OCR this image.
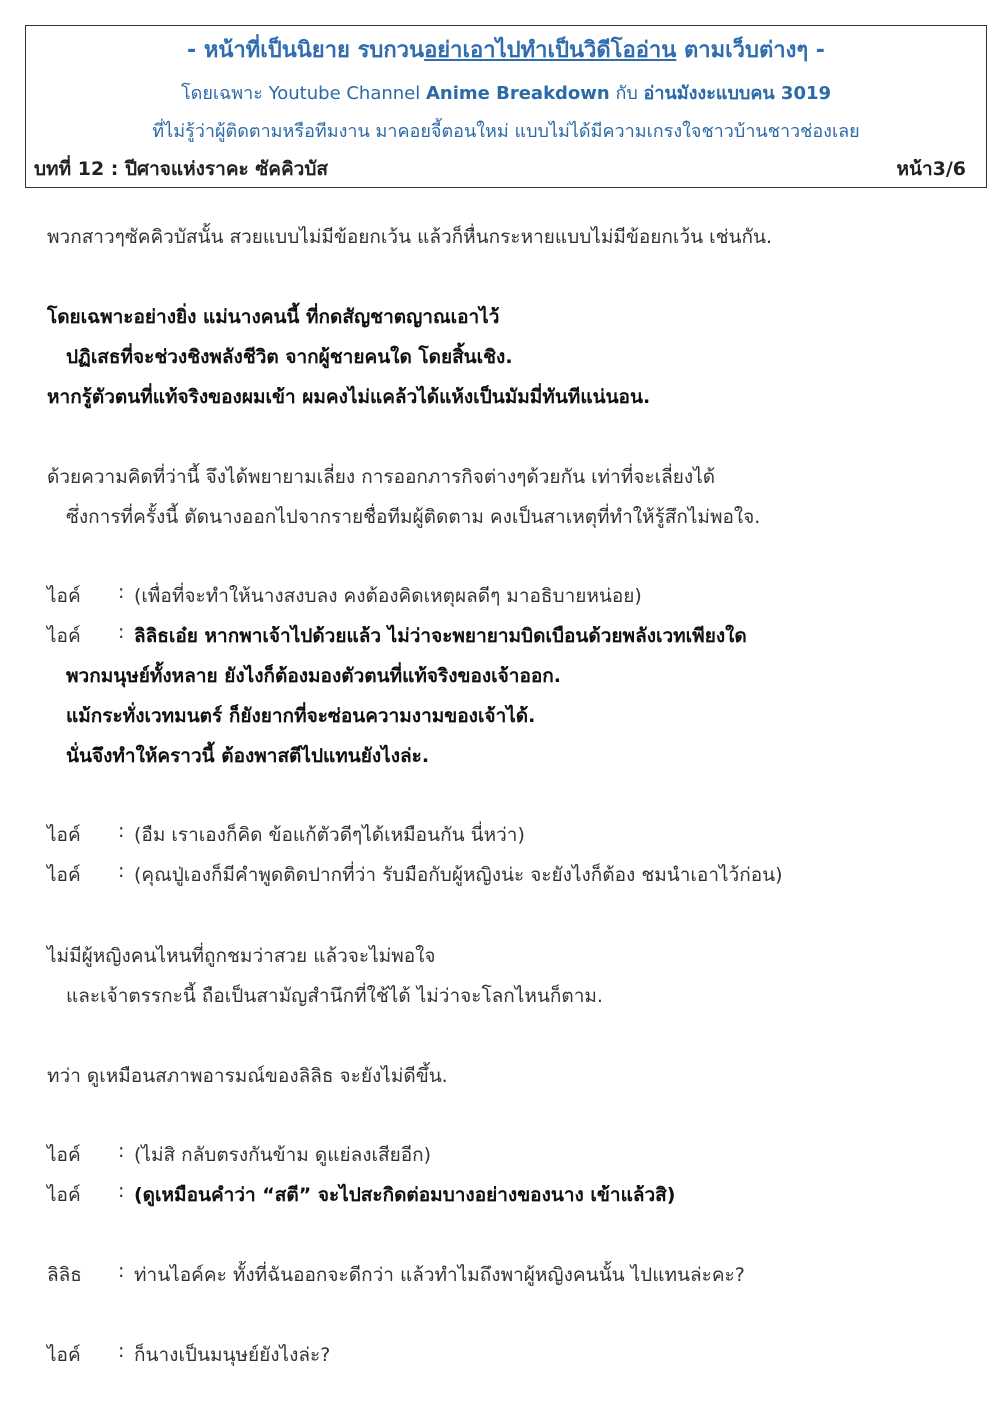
- หน้าที่เป็นนิยาย รบกวนอย่าเอาไปทำเป็นวิดีโออ่าน ตามเว็บต่างๆ -
โดยเฉพาะ Youtube Channel Anime Breakdown กับ อ่านมังงะแบบคน 3019
ที่ไม่รู้ว่าผู้ติดตามหรือทีมงาน มาคอยจี้ตอนใหม่ แบบไม่ได้มีความเกรงใจชาวบ้านชาวช่องเลย
บทที่ 12 : ปีศาจแห่งราคะ ซัคคิวบัส	หน้า3/6
พวกสาวๆซัคคิวบัสนั้น สวยแบบไม่มีข้อยกเว้น แล้วก็หื่นกระหายแบบไม่มีข้อยกเว้น เช่นกัน.
โดยเฉพาะอย่างยิ่ง แม่นางคนนี้ ที่กดสัญชาตญาณเอาไว้
ปฏิเสธที่จะช่วงชิงพลังชีวิต จากผู้ชายคนใด โดยสิ้นเชิง.
หากรู้ตัวตนที่แท้จริงของผมเข้า ผมคงไม่แคล้วได้แห้งเป็นมัมมี่ทันทีแน่นอน.
ด้วยความคิดที่ว่านี้ จึงได้พยายามเลี่ยง การออกภารกิจต่างๆด้วยกัน เท่าที่จะเลี่ยงได้
ซึ่งการที่ครั้งนี้ ตัดนางออกไปจากรายชื่อทีมผู้ติดตาม คงเป็นสาเหตุที่ทำให้รู้สึกไม่พอใจ.
ไอค์ : (เพื่อที่จะทำให้นางสงบลง คงต้องคิดเหตุผลดีๆ มาอธิบายหน่อย)
ไอค์ : ลิลิธเอ๋ย หากพาเจ้าไปด้วยแล้ว ไม่ว่าจะพยายามบิดเบือนด้วยพลังเวทเพียงใด
พวกมนุษย์ทั้งหลาย ยังไงก็ต้องมองตัวตนที่แท้จริงของเจ้าออก.
แม้กระทั่งเวทมนตร์ ก็ยังยากที่จะซ่อนความงามของเจ้าได้.
นั่นจึงทำให้คราวนี้ ต้องพาสตีไปแทนยังไงล่ะ.
ไอค์ : (อืม เราเองก็คิด ข้อแก้ตัวดีๆได้เหมือนกัน นี่หว่า)
ไอค์ : (คุณปู่เองก็มีคำพูดติดปากที่ว่า รับมือกับผู้หญิงน่ะ จะยังไงก็ต้อง ชมนำเอาไว้ก่อน)
ไม่มีผู้หญิงคนไหนที่ถูกชมว่าสวย แล้วจะไม่พอใจ
และเจ้าตรรกะนี้ ถือเป็นสามัญสำนึกที่ใช้ได้ ไม่ว่าจะโลกไหนก็ตาม.
ทว่า ดูเหมือนสภาพอารมณ์ของลิลิธ จะยังไม่ดีขึ้น.
ไอค์ : (ไม่สิ กลับตรงกันข้าม ดูแย่ลงเสียอีก)
ไอค์ : (ดูเหมือนคำว่า “สตี” จะไปสะกิดต่อมบางอย่างของนาง เข้าแล้วสิ)
ลิลิธ : ท่านไอค์คะ ทั้งที่ฉันออกจะดีกว่า แล้วทำไมถึงพาผู้หญิงคนนั้น ไปแทนล่ะคะ?
ไอค์ : ก็นางเป็นมนุษย์ยังไงล่ะ?
